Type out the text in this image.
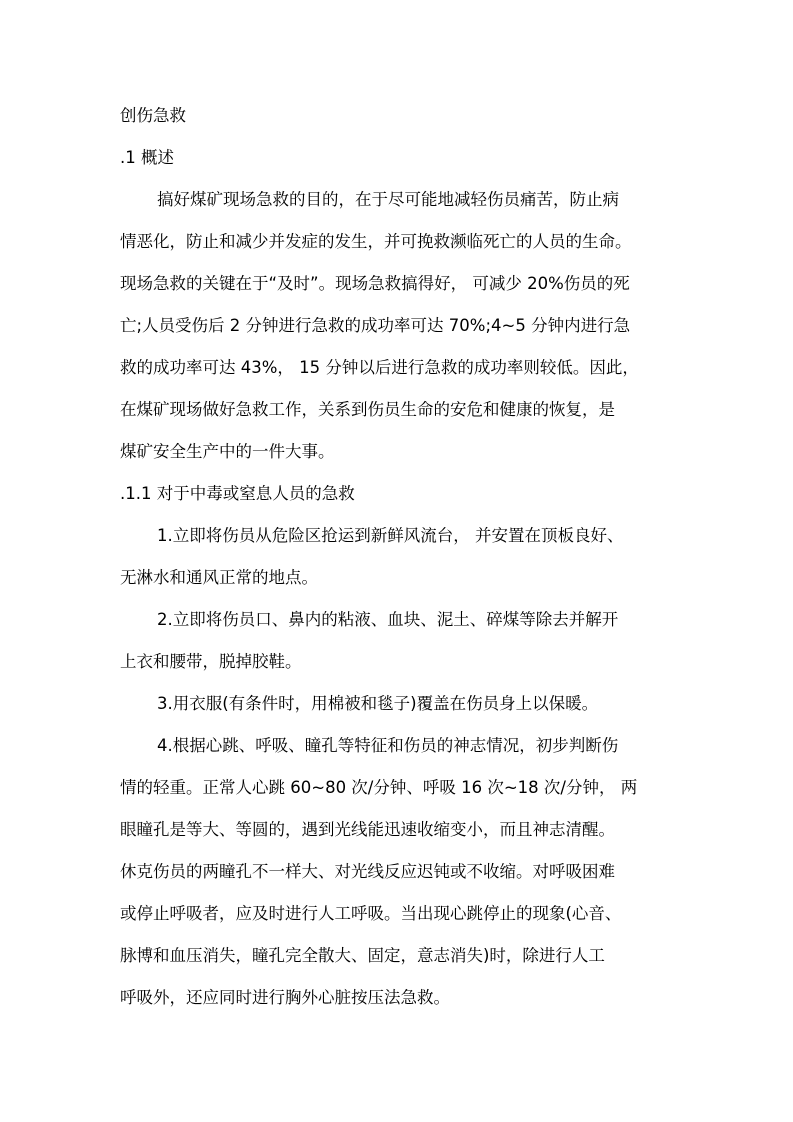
创伤急救
.1 概述
搞好煤矿现场急救的目的，在于尽可能地减轻伤员痛苦，防止病
情恶化，防止和减少并发症的发生，并可挽救濒临死亡的人员的生命。
现场急救的关键在于“及时”。现场急救搞得好， 可减少 20%伤员的死
亡;人员受伤后 2 分钟进行急救的成功率可达 70%;4~5 分钟内进行急
救的成功率可达 43%， 15 分钟以后进行急救的成功率则较低。因此，
在煤矿现场做好急救工作，关系到伤员生命的安危和健康的恢复，是
煤矿安全生产中的一件大事。
.1.1 对于中毒或窒息人员的急救
1.立即将伤员从危险区抢运到新鲜风流台， 并安置在顶板良好、
无淋水和通风正常的地点。
2.立即将伤员口、鼻内的粘液、血块、泥土、碎煤等除去并解开
上衣和腰带，脱掉胶鞋。
3.用衣服(有条件时，用棉被和毯子)覆盖在伤员身上以保暖。
4.根据心跳、呼吸、瞳孔等特征和伤员的神志情况，初步判断伤
情的轻重。正常人心跳 60~80 次/分钟、呼吸 16 次~18 次/分钟， 两
眼瞳孔是等大、等圆的，遇到光线能迅速收缩变小，而且神志清醒。
休克伤员的两瞳孔不一样大、对光线反应迟钝或不收缩。对呼吸困难
或停止呼吸者，应及时进行人工呼吸。当出现心跳停止的现象(心音、
脉博和血压消失，瞳孔完全散大、固定，意志消失)时，除进行人工
呼吸外，还应同时进行胸外心脏按压法急救。
